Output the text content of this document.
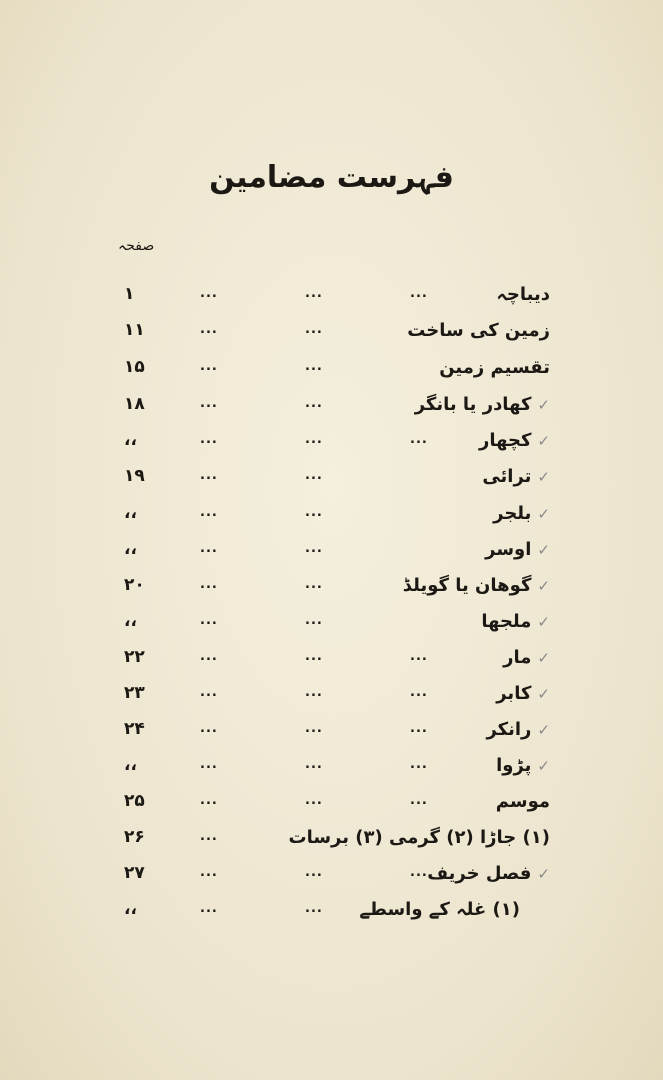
فہرست مضامین
صفحہ
دیباچہ
...
...
...
۱
زمین کی ساخت
...
...
۱۱
تقسیم زمین
...
...
۱۵
✓کھادر یا بانگر
...
...
۱۸
✓کچھار
...
...
...
،،
✓ترائی
...
...
۱۹
✓بلجر
...
...
،،
✓اوسر
...
...
،،
✓گوھان یا گویلڈ
...
...
۲۰
✓ملجھا
...
...
،،
✓مار
...
...
...
۲۲
✓کابر
...
...
...
۲۳
✓رانکر
...
...
...
۲۴
✓پڑوا
...
...
...
،،
موسم
...
...
...
۲۵
(۱) جاڑا (۲) گرمی (۳) برسات
...
۲۶
✓فصل خریف
...
...
...
۲۷
(۱) غلہ کے واسطے
...
...
،،
